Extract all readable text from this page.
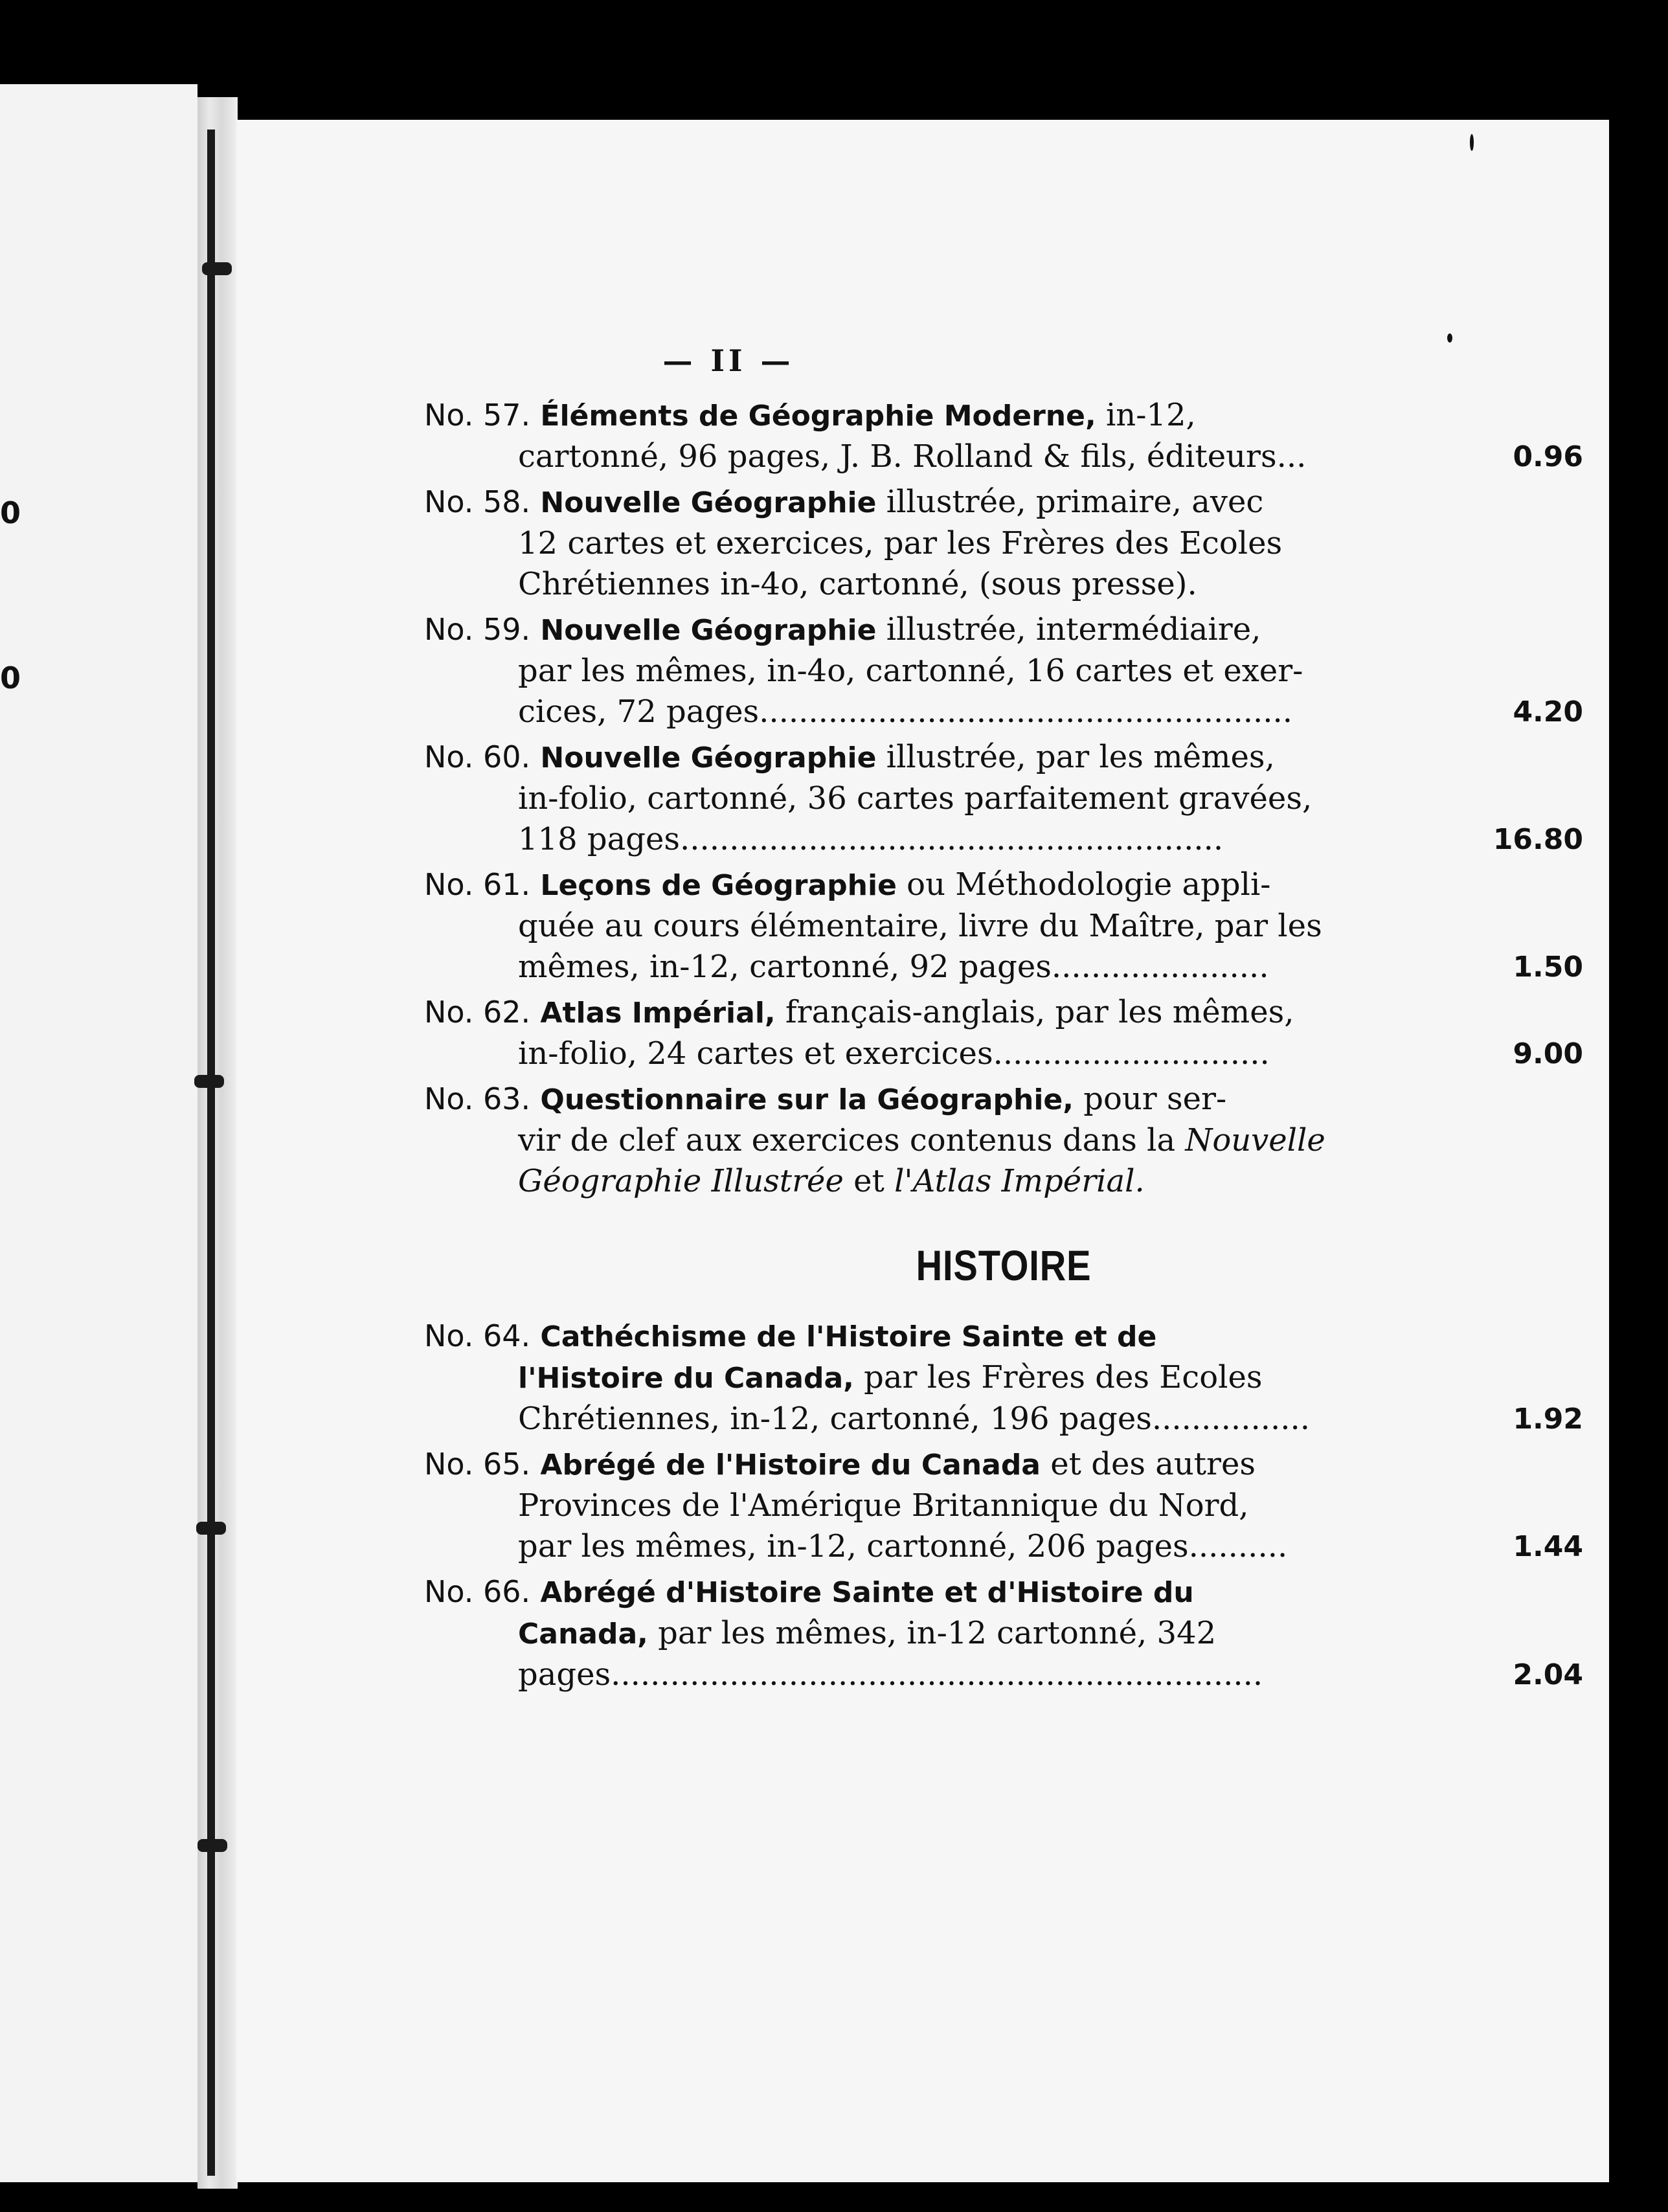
0
0
— II —
No. 57. Éléments de Géographie Moderne, in-12,
cartonné, 96 pages, J. B. Rolland & fils, éditeurs...	0.96
No. 58. Nouvelle Géographie illustrée, primaire, avec
12 cartes et exercices, par les Frères des Ecoles
Chrétiennes in-4o, cartonné, (sous presse).
No. 59. Nouvelle Géographie illustrée, intermédiaire,
par les mêmes, in-4o, cartonné, 16 cartes et exer-
cices, 72 pages......................................................	4.20
No. 60. Nouvelle Géographie illustrée, par les mêmes,
in-folio, cartonné, 36 cartes parfaitement gravées,
118 pages.......................................................	16.80
No. 61. Leçons de Géographie ou Méthodologie appli-
quée au cours élémentaire, livre du Maître, par les
mêmes, in-12, cartonné, 92 pages......................	1.50
No. 62. Atlas Impérial, français-anglais, par les mêmes,
in-folio, 24 cartes et exercices............................	9.00
No. 63. Questionnaire sur la Géographie, pour ser-
vir de clef aux exercices contenus dans la Nouvelle
Géographie Illustrée et l'Atlas Impérial.
HISTOIRE
No. 64. Cathéchisme de l'Histoire Sainte et de
l'Histoire du Canada, par les Frères des Ecoles
Chrétiennes, in-12, cartonné, 196 pages................	1.92
No. 65. Abrégé de l'Histoire du Canada et des autres
Provinces de l'Amérique Britannique du Nord,
par les mêmes, in-12, cartonné, 206 pages..........	1.44
No. 66. Abrégé d'Histoire Sainte et d'Histoire du
Canada, par les mêmes, in-12 cartonné, 342
pages..................................................................	2.04
